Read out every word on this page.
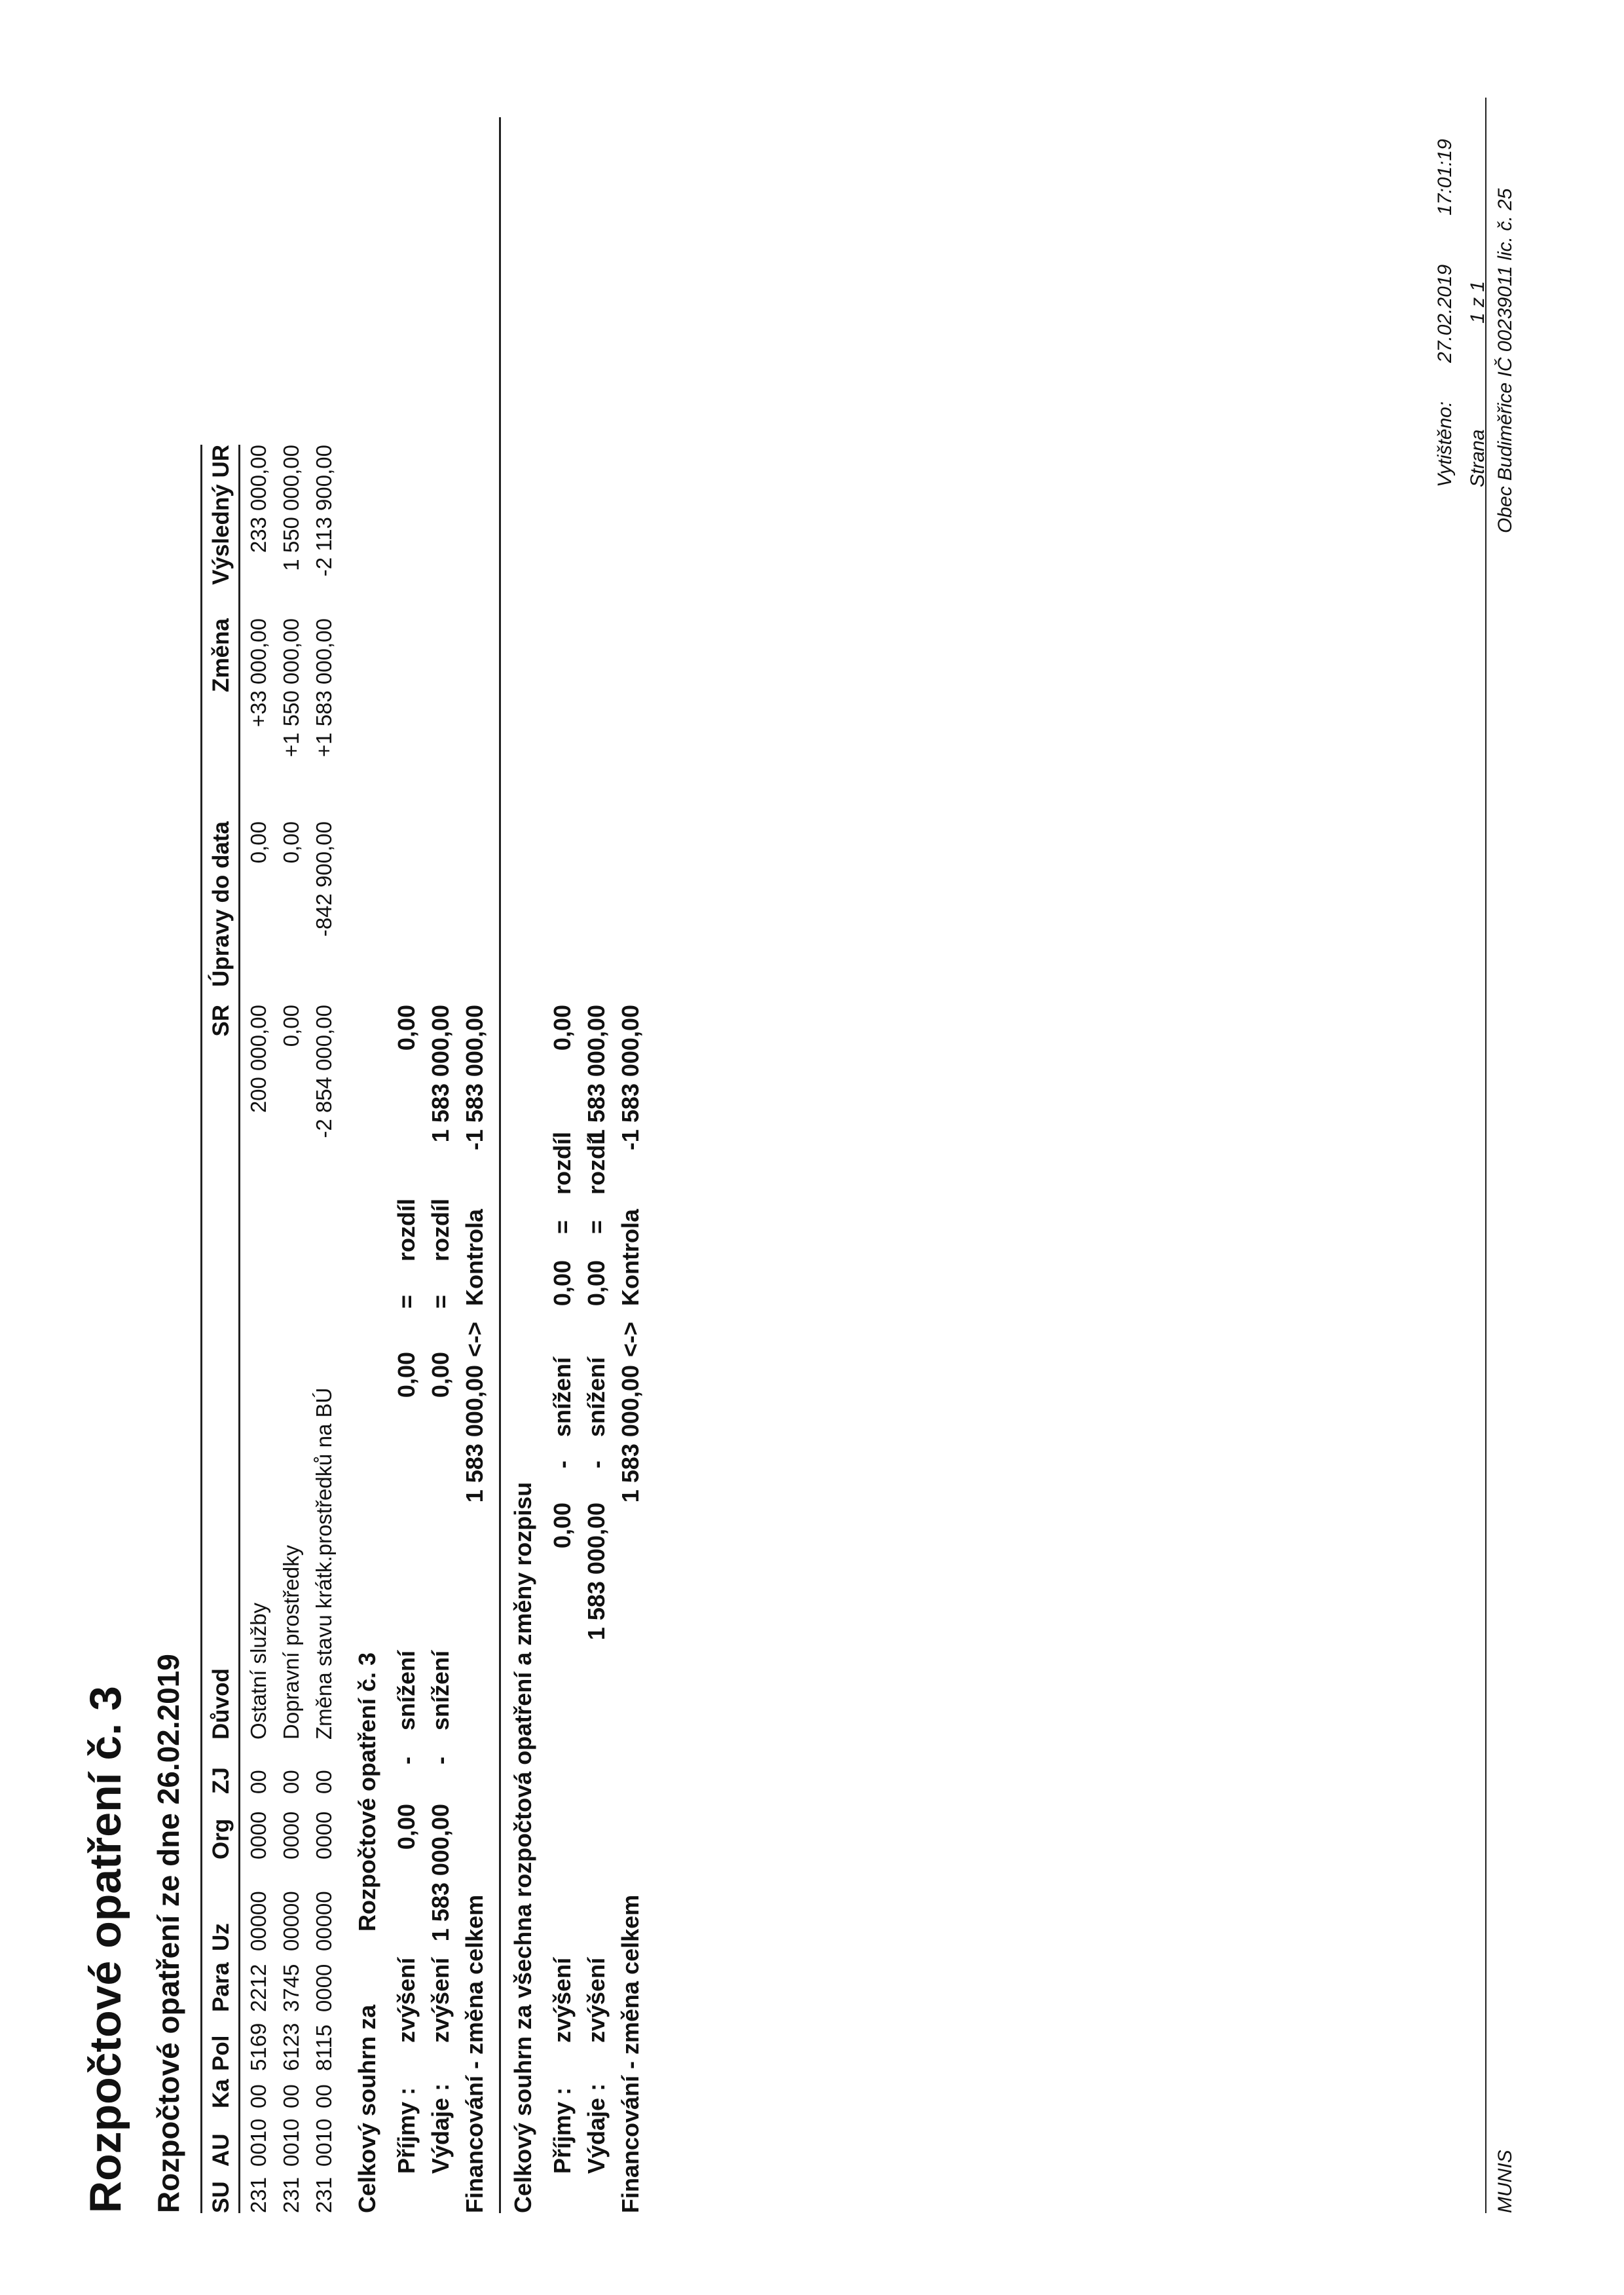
Rozpočtové opatření č. 3 Rozpočtové opatření ze dne 26.02.2019
Vytištěno:27.02.201917:01:19
Strana1 z 1
SU
AU
Ka
Pol
Para
Uz
Org
ZJ
Důvod
SR
Úpravy do data
Změna
Výsledný UR
231
0010
00
5169
2212
00000
0000
00
Ostatní služby
200 000,00
0,00
+33 000,00
233 000,00
231
0010
00
6123
3745
00000
0000
00
Dopravní prostředky
0,00
0,00
+1 550 000,00
1 550 000,00
231
0010
00
8115
0000
00000
0000
00
Změna stavu krátk.prostředků na BÚ
-2 854 000,00
-842 900,00
+1 583 000,00
-2 113 900,00
Celkový souhrn za
Rozpočtové opatření č. 3
Příjmy :
zvýšení
0,00
-
snížení
0,00
=
rozdíl
0,00
Výdaje :
zvýšení
1 583 000,00
-
snížení
0,00
=
rozdíl
1 583 000,00
Financování - změna celkem
1 583 000,00
<->
Kontrola
-1 583 000,00
Celkový souhrn za všechna rozpočtová opatření a změny rozpisu Příjmy :
zvýšení
0,00
-
snížení
0,00
=
rozdíl
0,00
Výdaje :
zvýšení
1 583 000,00
-
snížení
0,00
=
rozdíl
1 583 000,00
Financování - změna celkem
1 583 000,00
<->
Kontrola
-1 583 000,00
MUNIS
Obec Budiměřice IČ 00239011 lic. č. 25
